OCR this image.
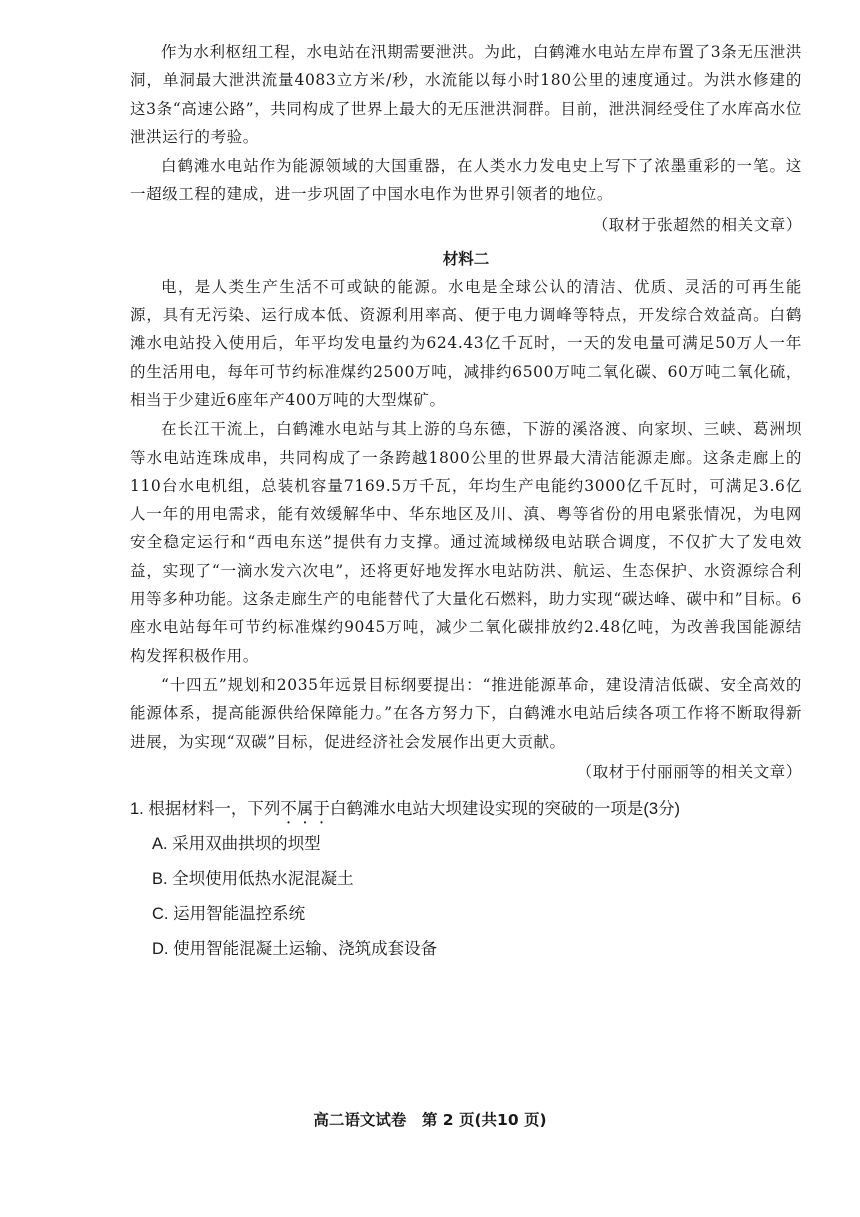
作为水利枢纽工程，水电站在汛期需要泄洪。为此，白鹤滩水电站左岸布置了3条无压泄洪洞，单洞最大泄洪流量4083立方米/秒，水流能以每小时180公里的速度通过。为洪水修建的这3条“高速公路”，共同构成了世界上最大的无压泄洪洞群。目前，泄洪洞经受住了水库高水位泄洪运行的考验。

白鹤滩水电站作为能源领域的大国重器，在人类水力发电史上写下了浓墨重彩的一笔。这一超级工程的建成，进一步巩固了中国水电作为世界引领者的地位。

（取材于张超然的相关文章）

材料二

电，是人类生产生活不可或缺的能源。水电是全球公认的清洁、优质、灵活的可再生能源，具有无污染、运行成本低、资源利用率高、便于电力调峰等特点，开发综合效益高。白鹤滩水电站投入使用后，年平均发电量约为624.43亿千瓦时，一天的发电量可满足50万人一年的生活用电，每年可节约标准煤约2500万吨，减排约6500万吨二氧化碳、60万吨二氧化硫，相当于少建近6座年产400万吨的大型煤矿。

在长江干流上，白鹤滩水电站与其上游的乌东德，下游的溪洛渡、向家坝、三峡、葛洲坝等水电站连珠成串，共同构成了一条跨越1800公里的世界最大清洁能源走廊。这条走廊上的110台水电机组，总装机容量7169.5万千瓦，年均生产电能约3000亿千瓦时，可满足3.6亿人一年的用电需求，能有效缓解华中、华东地区及川、滇、粤等省份的用电紧张情况，为电网安全稳定运行和“西电东送”提供有力支撑。通过流域梯级电站联合调度，不仅扩大了发电效益，实现了“一滴水发六次电”，还将更好地发挥水电站防洪、航运、生态保护、水资源综合利用等多种功能。这条走廊生产的电能替代了大量化石燃料，助力实现“碳达峰、碳中和”目标。6座水电站每年可节约标准煤约9045万吨，减少二氧化碳排放约2.48亿吨，为改善我国能源结构发挥积极作用。

“十四五”规划和2035年远景目标纲要提出：“推进能源革命，建设清洁低碳、安全高效的能源体系，提高能源供给保障能力。”在各方努力下，白鹤滩水电站后续各项工作将不断取得新进展，为实现“双碳”目标，促进经济社会发展作出更大贡献。

（取材于付丽丽等的相关文章）

1. 根据材料一，下列不属于白鹤滩水电站大坝建设实现的突破的一项是(3分)

A. 采用双曲拱坝的坝型

B. 全坝使用低热水泥混凝土

C. 运用智能温控系统

D. 使用智能混凝土运输、浇筑成套设备

高二语文试卷　第 2 页(共10 页)
